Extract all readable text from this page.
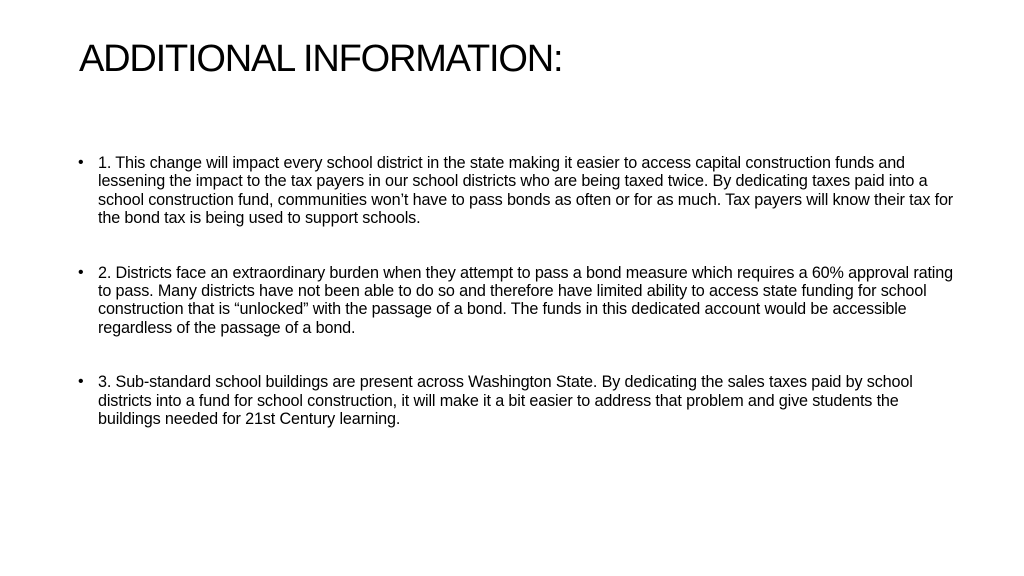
ADDITIONAL INFORMATION:
• 1. This change will impact every school district in the state making it easier to access capital construction funds and lessening the impact to the tax payers in our school districts who are being taxed twice. By dedicating taxes paid into a school construction fund, communities won’t have to pass bonds as often or for as much. Tax payers will know their tax for the bond tax is being used to support schools.
• 2. Districts face an extraordinary burden when they attempt to pass a bond measure which requires a 60% approval rating to pass. Many districts have not been able to do so and therefore have limited ability to access state funding for school construction that is “unlocked” with the passage of a bond. The funds in this dedicated account would be accessible regardless of the passage of a bond.
• 3. Sub-standard school buildings are present across Washington State. By dedicating the sales taxes paid by school districts into a fund for school construction, it will make it a bit easier to address that problem and give students the buildings needed for 21st Century learning.
